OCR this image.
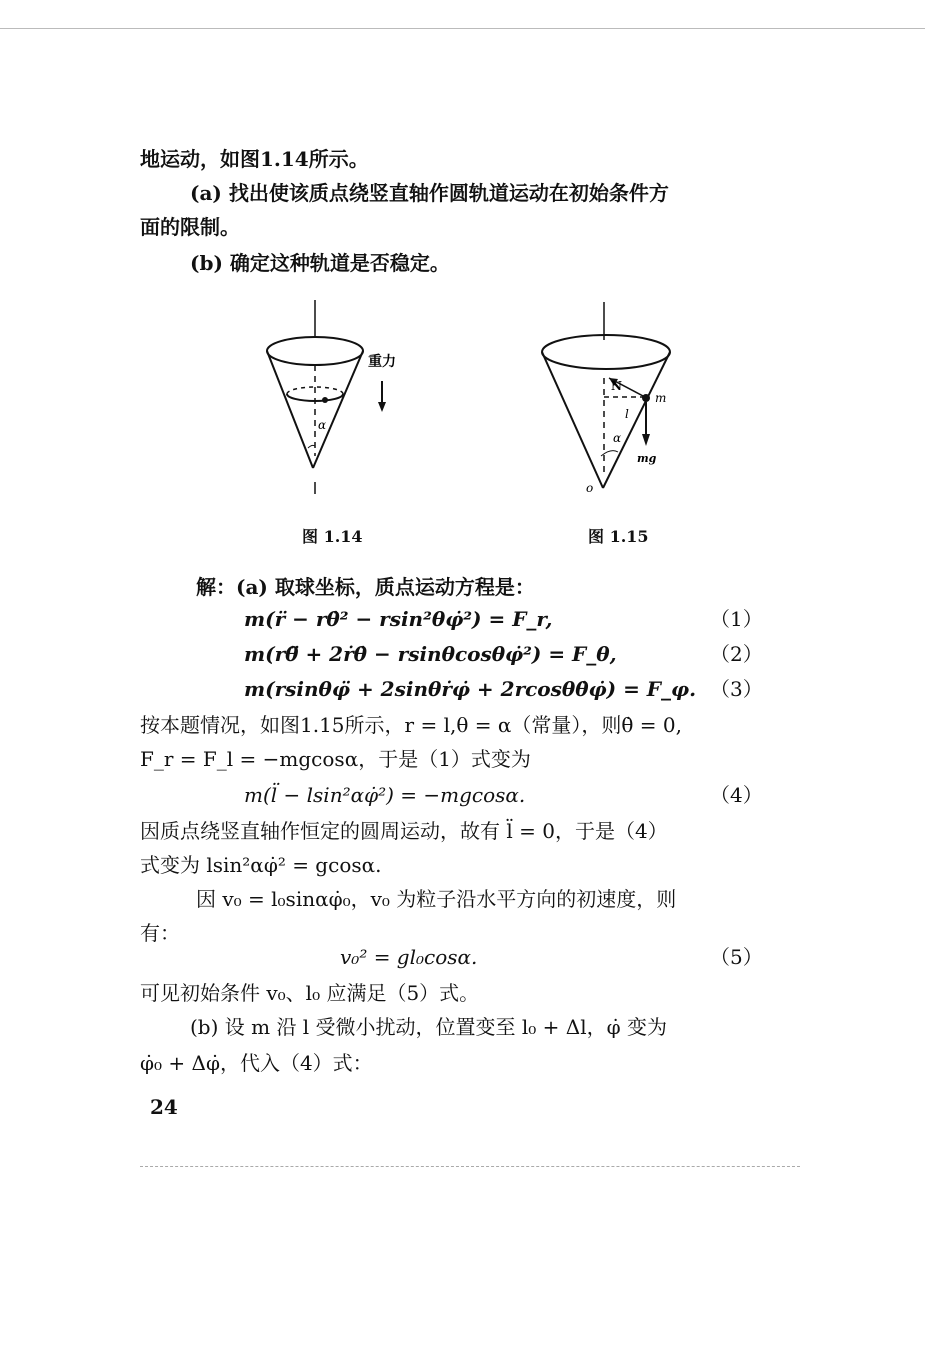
地运动，如图1.14所示。
(a) 找出使该质点绕竖直轴作圆轨道运动在初始条件方
面的限制。
(b) 确定这种轨道是否稳定。
α
重力
图 1.14
N
m
l
α
mg
o
图 1.15
解：(a) 取球坐标，质点运动方程是：
m(r̈ − rθ̇² − rsin²θφ̇²) = F_r,	（1）
m(rθ̈ + 2ṙθ̇ − rsinθcosθφ̇²) = F_θ,	（2）
m(rsinθφ̈ + 2sinθṙφ̇ + 2rcosθθ̇φ̇) = F_φ. （3）
按本题情况，如图1.15所示，r = l,θ = α（常量），则θ̇ = 0,
F_r = F_l = −mgcosα，于是（1）式变为
m(l̈ − lsin²αφ̇²) = −mgcosα.	（4）
因质点绕竖直轴作恒定的圆周运动，故有 l̈ = 0，于是（4）
式变为 lsin²αφ̇² = gcosα.
因 v₀ = l₀sinαφ̇₀，v₀ 为粒子沿水平方向的初速度，则
有：
v₀² = gl₀cosα.	（5）
可见初始条件 v₀、l₀ 应满足（5）式。
(b) 设 m 沿 l 受微小扰动，位置变至 l₀ + Δl，φ̇ 变为
φ̇₀ + Δφ̇，代入（4）式：
24
